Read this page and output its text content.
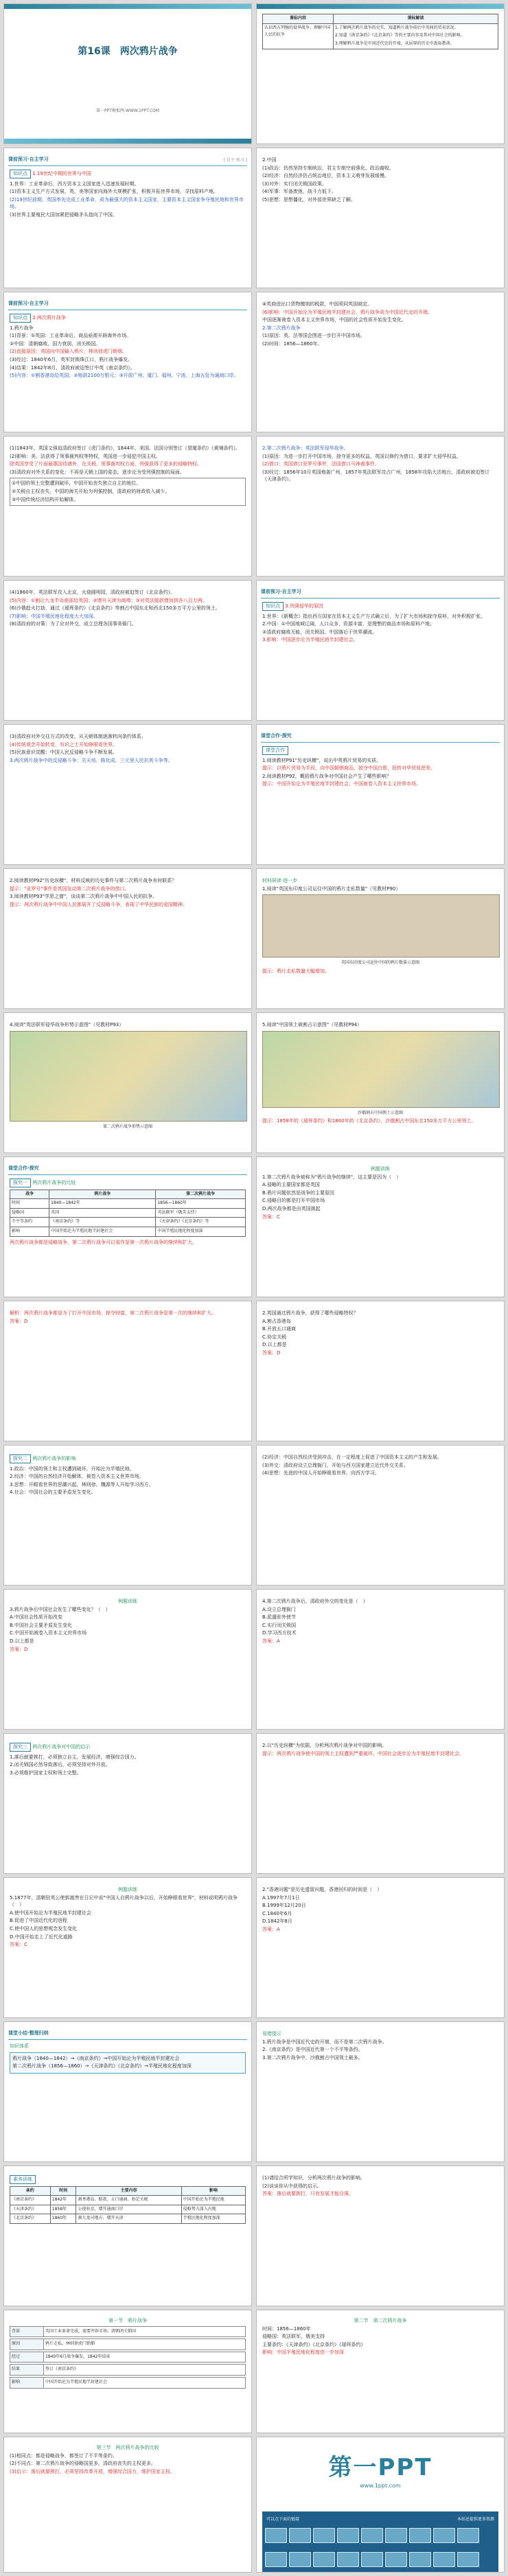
第16课　两次鸦片战争
第一PPT模板网-WWW.1PPT.COM
课标内容	课标解读
认识西方列强的侵华战争，理解中国人民的抗争	1.了解两次鸦片战争的史实，知道鸦片战争前后中英间的贸易状况。

2.知道《南京条约》《北京条约》等的主要内容及其对中国社会的影响。

3.理解鸦片战争是中国近代史的开端，从屈辱的历史中汲取教训。

课前预习·自主学习	[ 自主·预习 ]
知识点 1.19世纪中期的世界与中国

1.世界：工业革命后，西方资本主义国家进入迅速发展时期。

(1)资本主义生产方式发展，英、美等国家向海外大规模扩张，积极开拓世界市场，寻找原料产地。

(2)19世纪前期，英国率先完成工业革命，成为最强大的资本主义国家，主要资本主义国家争夺殖民地和世界市场。

(3)世界主要殖民大国加紧把侵略矛头指向了中国。

2.中国

(1)政治：仍然坚持专制统治，君主专制空前强化，政治腐败。

(2)经济：自然经济仍占统治地位，资本主义萌芽发展缓慢。

(3)对外：实行闭关锁国政策。

(4)军事：军备废弛，战斗力低下。

(5)思想：思想僵化，对外部世界缺乏了解。

课前预习·自主学习
知识点 2.两次鸦片战争

1.鸦片战争

(1)背景：①英国：工业革命后，商品亟需开辟海外市场。

②中国：清朝腐败，国力衰弱，闭关锁国。

(2)直接原因：英国向中国输入鸦片，林则徐虎门销烟。

(3)经过：1840年6月，英军封锁珠江口，鸦片战争爆发。

(4)结果：1842年8月，清政府被迫签订中英《南京条约》。

(5)内容：①割香港岛给英国；②赔款2100万银元；③开放广州、厦门、福州、宁波、上海五处为通商口岸。

④英商进出口货物缴纳的税款，中国须同英国商定。

(6)影响：中国开始沦为半殖民地半封建社会，鸦片战争成为中国近代史的开端。

中国逐渐被卷入资本主义世界市场，中国的社会性质开始发生变化。

2.第二次鸦片战争

(1)原因：英、法等国企图进一步打开中国市场。

(2)时间：1856—1860年。

(1)1843年，英国又强迫清政府签订《虎门条约》，1844年，美国、法国分别签订《望厦条约》《黄埔条约》。

(2)影响：美、法获得了领事裁判权等特权，英国进一步侵犯中国主权。

除英国享受了片面最惠国待遇外，在关税、领事裁判权方面，列强获得了更多的侵略特权。

(3)清政府对外关系的变化：不再是天朝上国的姿态，逐步沦为受列强控制的局面。

①中国的领土完整遭到破坏，中国开始丧失独立自主的地位。

②关税自主权丧失，中国的海关开始为列强控制，清政府的财政收入减少。

③中国传统经济结构开始解体。

2.第二次鸦片战争：英法联军侵华战争。

(1)原因：为进一步打开中国市场，掠夺更多的权益，英国以修约为借口，要求扩大侵华权益。

(2)借口：英国借口亚罗号事件，法国借口马神甫事件。

(3)经过：1856年10月英国炮轰广州，1857年英法联军攻占广州，1858年攻陷大沽炮台，清政府被迫签订《天津条约》。

(4)1860年，英法联军攻入北京，火烧圆明园，清政府被迫签订《北京条约》。

(5)内容：①割让九龙半岛南部给英国；②增开天津为商埠；③对英法赔款增加到各八百万两。

(6)沙俄趁火打劫，通过《瑷珲条约》《北京条约》等割占中国东北和西北150多万平方公里的领土。

(7)影响：中国半殖民地化程度大大加深。

(8)清政府的对策：为了应对外交，成立总理各国事务衙门。

课前预习·自主学习
知识点 3.列强侵华的原因

1.世界：《新概念》指出西方国家在资本主义生产方式确立后，为了扩大市场和掠夺原料，对外积极扩张。

2.中国：①中国地域辽阔，人口众多，资源丰富，是理想的商品市场和原料产地；

②清政府腐败无能，闭关锁国，中国落后于世界潮流。

3.影响：中国逐步沦为半殖民地半封建社会。

(3)清政府对外交往方式的改变，从天朝体制逐渐转向条约体系。

(4)传统观念开始转变，有识之士开始睁眼看世界。

(5)民族意识觉醒：中国人民反侵略斗争不断发展。

3.两次鸦片战争中的反侵略斗争：关天培、陈化成、三元里人民抗英斗争等。

课堂合作·探究
课堂合作

1.阅读教材P91"历史纵横"，说出中英鸦片贸易的实质。

提示：以鸦片贸易为手段，向中国倾销商品，掠夺中国白银，扭转对华贸易逆差。

2.阅读教材P92，概括鸦片战争对中国社会产生了哪些影响？

提示：中国开始沦为半殖民地半封建社会，中国被卷入资本主义世界市场。

2.阅读教材P92"历史纵横"，材料反映的历史事件与第二次鸦片战争有何联系？

提示："亚罗号"事件是英国发动第二次鸦片战争的借口。

3.阅读教材P93"学思之窗"，谈谈第二次鸦片战争中中国人民的抗争。

提示：两次鸦片战争中中国人民都展开了反侵略斗争，表现了中华民族的爱国精神。

材料研读·进一步

1.阅读"英国东印度公司运往中国的鸦片走私数量"（见教材P90）

英国东印度公司运往中国的鸦片数量示意图

提示：鸦片走私数量大幅增加。

4.阅读"英法联军侵华战争形势示意图"（见教材P93）

第二次鸦片战争形势示意图

5.阅读"中国领土被割占示意图"（见教材P94）

沙俄割占中国领土示意图

提示：1858年的《瑷珲条约》和1860年的《北京条约》，沙俄割占中国东北150多万平方公里领土。

课堂合作·探究
探究一 两次鸦片战争的比较
战争	鸦片战争	第二次鸦片战争
时间	1840—1842年	1856—1860年
侵略国	英国	英法联军（俄美支持）
不平等条约	《南京条约》等	《天津条约》《北京条约》等
影响	中国开始沦为半殖民地半封建社会	中国半殖民地化程度加深

两次鸦片战争都是侵略战争，第二次鸦片战争可以看作是第一次鸦片战争的继续和扩大。

例题训练

1.第二次鸦片战争被称为"鸦片战争的继续"，这主要是因为（　）

A.侵略的主要国家都是英国

B.鸦片问题依然是战争的主要原因

C.侵略目的都是打开中国市场

D.两次战争都是由英国挑起

答案：C

解析：两次鸦片战争都是为了打开中国市场，掠夺财富，第二次鸦片战争是第一次的继续和扩大。

答案：D

2.英国通过鸦片战争，获得了哪些侵略特权？

A.割占香港岛

B.开放五口通商

C.协定关税

D.以上都是

答案：D

探究二 两次鸦片战争的影响

1.政治：中国的领土和主权遭到破坏，开始沦为半殖民地。

2.经济：中国的自然经济开始解体，被卷入资本主义世界市场。

3.思想：开眼看世界的思潮兴起，林则徐、魏源等人开始学习西方。

4.社会：中国社会的主要矛盾发生变化。

(2)经济：中国自然经济受到冲击，在一定程度上促进了中国资本主义的产生和发展。

(3)外交：清政府设立总理衙门，开始与西方国家建立近代外交关系。

(4)思想：先进的中国人开始睁眼看世界，向西方学习。

例题训练

3.鸦片战争后中国社会发生了哪些变化？（　）

A.中国社会性质开始改变

B.中国社会主要矛盾发生变化

C.中国开始被卷入资本主义世界市场

D.以上都是

答案：D

4.第二次鸦片战争后，清政府外交的变化是（　）

A.设立总理衙门

B.派遣驻外使节

C.实行闭关锁国

D.学习西方技术

答案：A

探究三 两次鸦片战争对中国的启示

1.落后就要挨打，必须独立自主，发展经济，增强综合国力。

2.闭关锁国必然导致落后，必须坚持对外开放。

3.必须维护国家主权和领土完整。

2.以"历史纵横"为依据，分析两次鸦片战争对中国的影响。

提示：两次鸦片战争使中国的领土主权遭到严重破坏，中国社会逐步沦为半殖民地半封建社会。

例题训练

5.1877年，清朝驻英公使郭嵩焘在日记中说"中国人自鸦片战争以后，开始睁眼看世界"，材料说明鸦片战争（　）

A.使中国开始沦为半殖民地半封建社会

B.促进了中国近代化的进程

C.使中国人的思想观念发生变化

D.中国开始走上了近代化道路

答案：C

2."香港问题"是历史遗留问题，香港回归的时间是（　）

A.1997年7月1日

B.1999年12月20日

C.1840年6月

D.1842年8月

答案：A

课堂小结·整理归纳

知识体系

鸦片战争（1840—1842）→《南京条约》→中国开始沦为半殖民地半封建社会

第二次鸦片战争（1856—1860）→《天津条约》《北京条约》→半殖民地化程度加深

易错提示

1.鸦片战争是中国近代史的开端，而不是第二次鸦片战争。

2.《南京条约》是中国近代第一个不平等条约。

3.第二次鸦片战争中，沙俄割占中国领土最多。

素养训练
条约	时间	主要内容	影响
《南京条约》	1842年	割香港岛、赔款、五口通商、协定关税	中国开始沦为半殖民地
《天津条约》	1858年	公使驻京、增开通商口岸	侵略势力深入内地
《北京条约》	1860年	割九龙司地方、增开天津	半殖民地化程度加深

(1)请结合所学知识，分析两次鸦片战争的影响。

(2)谈谈你从中获得的启示。

答案：落后就要挨打，只有发展才能自强。

第一节　鸦片战争

背景	英国工业革命完成，需要开辟市场；清朝闭关锁国
原因	鸦片走私，林则徐虎门销烟
经过	1840年6月战争爆发，1842年结束
结果	签订《南京条约》
影响	中国开始沦为半殖民地半封建社会

第二节　第二次鸦片战争

时间：1856—1860年

侵略国：英法联军，俄美支持

主要条约：《天津条约》《北京条约》《瑷珲条约》

影响：中国半殖民地化程度进一步加深

第三节　两次鸦片战争的比较

(1)相同点：都是侵略战争，都签订了不平等条约。

(2)不同点：第二次鸦片战争的侵略国更多，清政府丧失的主权更多。

(3)启示：落后就要挨打，必须坚持改革开放，增强综合国力，维护国家主权。	第一PPT
www.1ppt.com
可以点下面的链接	本站还提供更多资源
